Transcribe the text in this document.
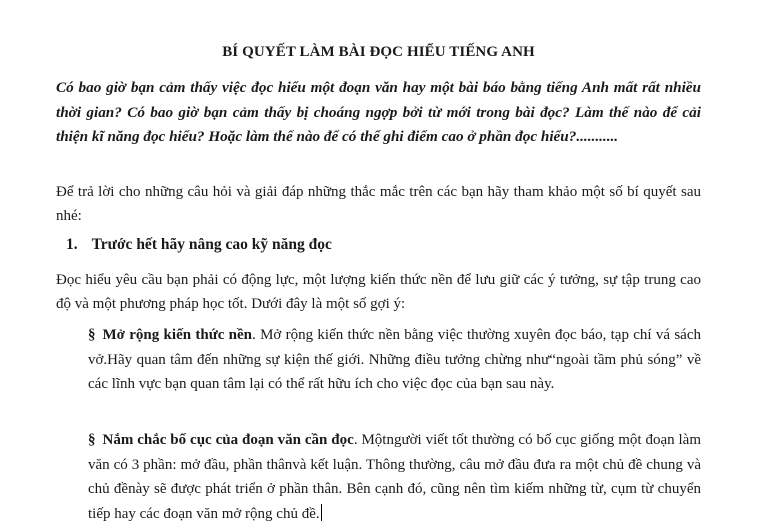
BÍ QUYẾT LÀM BÀI ĐỌC HIỂU TIẾNG ANH
Có bao giờ bạn cảm thấy việc đọc hiểu một đoạn văn hay một bài báo bằng tiếng Anh mất rất nhiều thời gian? Có bao giờ bạn cảm thấy bị choáng ngợp bởi từ mới trong bài đọc? Làm thế nào để cải thiện kĩ năng đọc hiểu? Hoặc làm thế nào để có thể ghi điểm cao ở phần đọc hiểu?...........
Để trả lời cho những câu hỏi và giải đáp những thắc mắc trên các bạn hãy tham khảo một số bí quyết sau nhé:
1. Trước hết hãy nâng cao kỹ năng đọc
Đọc hiểu yêu cầu bạn phải có động lực, một lượng kiến thức nền để lưu giữ các ý tưởng, sự tập trung cao độ và một phương pháp học tốt. Dưới đây là một số gợi ý:
§ Mở rộng kiến thức nền. Mở rộng kiến thức nền bằng việc thường xuyên đọc báo, tạp chí vá sách vở.Hãy quan tâm đến những sự kiện thế giới. Những điều tưởng chừng như“ngoài tầm phủ sóng” về các lĩnh vực bạn quan tâm lại có thể rất hữu ích cho việc đọc của bạn sau này.
§ Nắm chắc bố cục của đoạn văn cần đọc. Mộtngười viết tốt thường có bố cục giống một đoạn làm văn có 3 phần: mở đầu, phần thânvà kết luận. Thông thường, câu mở đầu đưa ra một chủ đề chung và chủ đềnày sẽ được phát triển ở phần thân. Bên cạnh đó, cũng nên tìm kiếm những từ, cụm từ chuyển tiếp hay các đoạn văn mở rộng chủ đề.
